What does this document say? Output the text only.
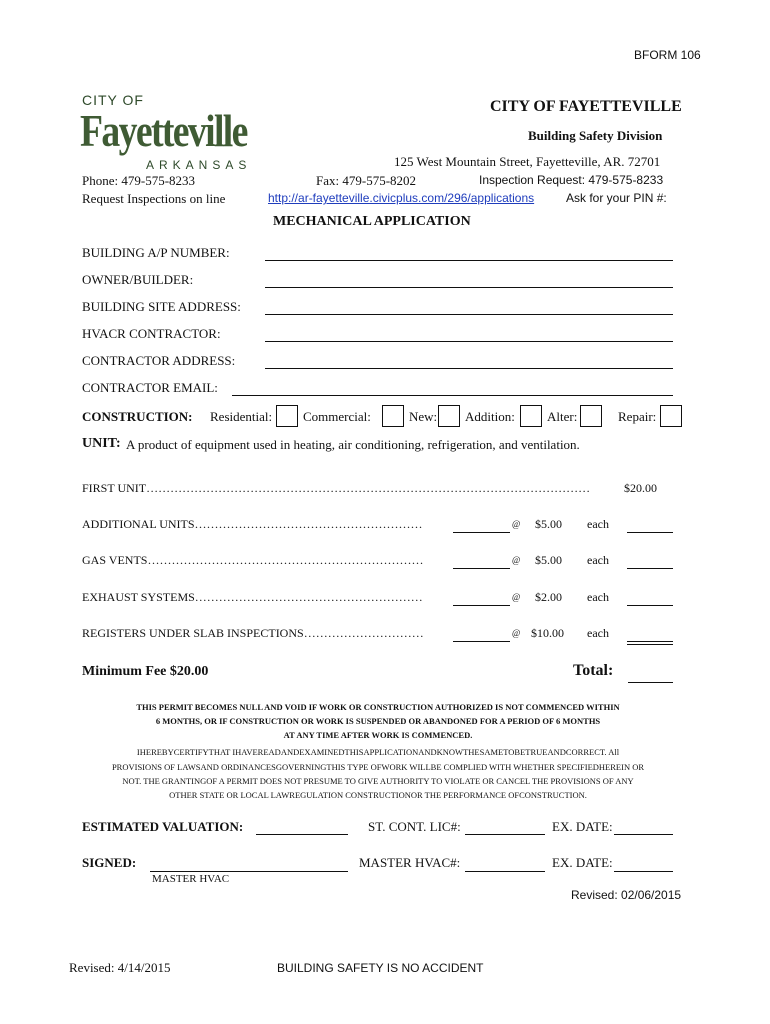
BFORM 106
CITY OF
Fayetteville
ARKANSAS
CITY OF FAYETTEVILLE
Building Safety Division
125 West Mountain Street, Fayetteville, AR. 72701
Phone: 479-575-8233	Fax: 479-575-8202	Inspection Request: 479-575-8233
Request Inspections on line	http://ar-fayetteville.civicplus.com/296/applications	Ask for your PIN #:
MECHANICAL APPLICATION
BUILDING A/P NUMBER:
OWNER/BUILDER:
BUILDING SITE ADDRESS:
HVACR CONTRACTOR:
CONTRACTOR ADDRESS:
CONTRACTOR EMAIL:
CONSTRUCTION: Residential: Commercial:	New: Addition: Alter:	Repair:
UNIT: A product of equipment used in heating, air conditioning, refrigeration, and ventilation.
FIRST UNIT…………………………………………………………………………………………………	$20.00
ADDITIONAL UNITS…………………………………………………	@ $5.00 each
GAS VENTS……………………………………………………………	@ $5.00 each
EXHAUST SYSTEMS…………………………………………………	@ $2.00 each
REGISTERS UNDER SLAB INSPECTIONS…………………………	@ $10.00 each
Minimum Fee $20.00	Total:
THIS PERMIT BECOMES NULL AND VOID IF WORK OR CONSTRUCTION AUTHORIZED IS NOT COMMENCED WITHIN
6 MONTHS, OR IF CONSTRUCTION OR WORK IS SUSPENDED OR ABANDONED FOR A PERIOD OF 6 MONTHS
AT ANY TIME AFTER WORK IS COMMENCED.
IHEREBYCERTIFYTHAT IHAVEREADANDEXAMINEDTHISAPPLICATIONANDKNOWTHESAMETOBETRUEANDCORRECT. All
PROVISIONS OF LAWSAND ORDINANCESGOVERNINGTHIS TYPE OFWORK WILLBE COMPLIED WITH WHETHER SPECIFIEDHEREIN OR
NOT. THE GRANTINGOF A PERMIT DOES NOT PRESUME TO GIVE AUTHORITY TO VIOLATE OR CANCEL THE PROVISIONS OF ANY
OTHER STATE OR LOCAL LAWREGULATION CONSTRUCTIONOR THE PERFORMANCE OFCONSTRUCTION.
ESTIMATED VALUATION:	ST. CONT. LIC#:	EX. DATE:
SIGNED:	MASTER HVAC#:	EX. DATE:
MASTER HVAC
Revised: 02/06/2015
Revised: 4/14/2015	BUILDING SAFETY IS NO ACCIDENT
